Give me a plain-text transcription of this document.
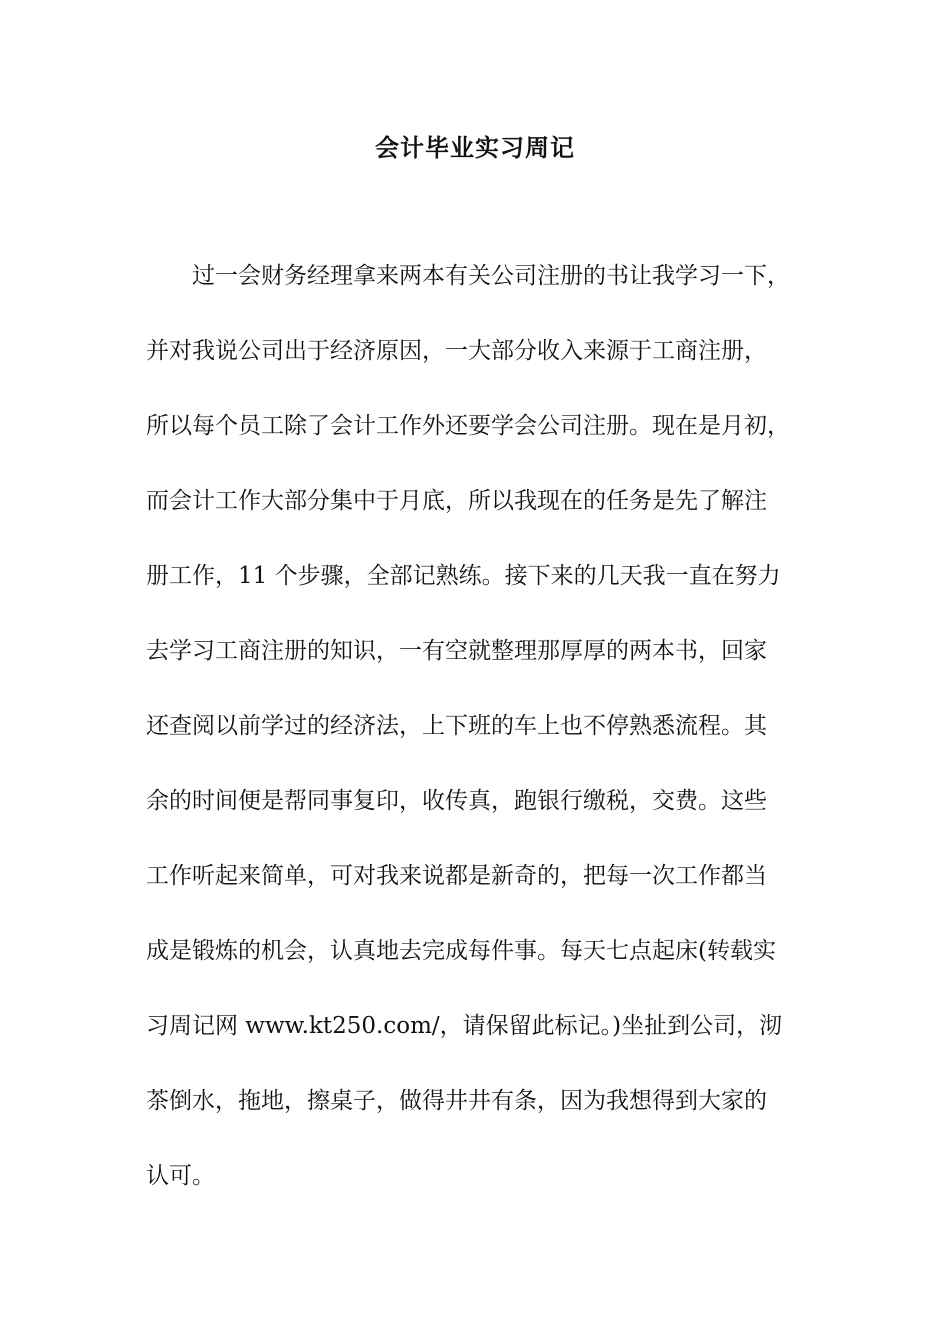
会计毕业实习周记
过一会财务经理拿来两本有关公司注册的书让我学习一下，
并对我说公司出于经济原因，一大部分收入来源于工商注册，
所以每个员工除了会计工作外还要学会公司注册。现在是月初，
而会计工作大部分集中于月底，所以我现在的任务是先了解注
册工作，11 个步骤，全部记熟练。接下来的几天我一直在努力
去学习工商注册的知识，一有空就整理那厚厚的两本书，回家
还查阅以前学过的经济法，上下班的车上也不停熟悉流程。其
余的时间便是帮同事复印，收传真，跑银行缴税，交费。这些
工作听起来简单，可对我来说都是新奇的，把每一次工作都当
成是锻炼的机会，认真地去完成每件事。每天七点起床(转载实
习周记网 www.kt250.com/，请保留此标记。)坐扯到公司，沏
茶倒水，拖地，擦桌子，做得井井有条，因为我想得到大家的
认可。
